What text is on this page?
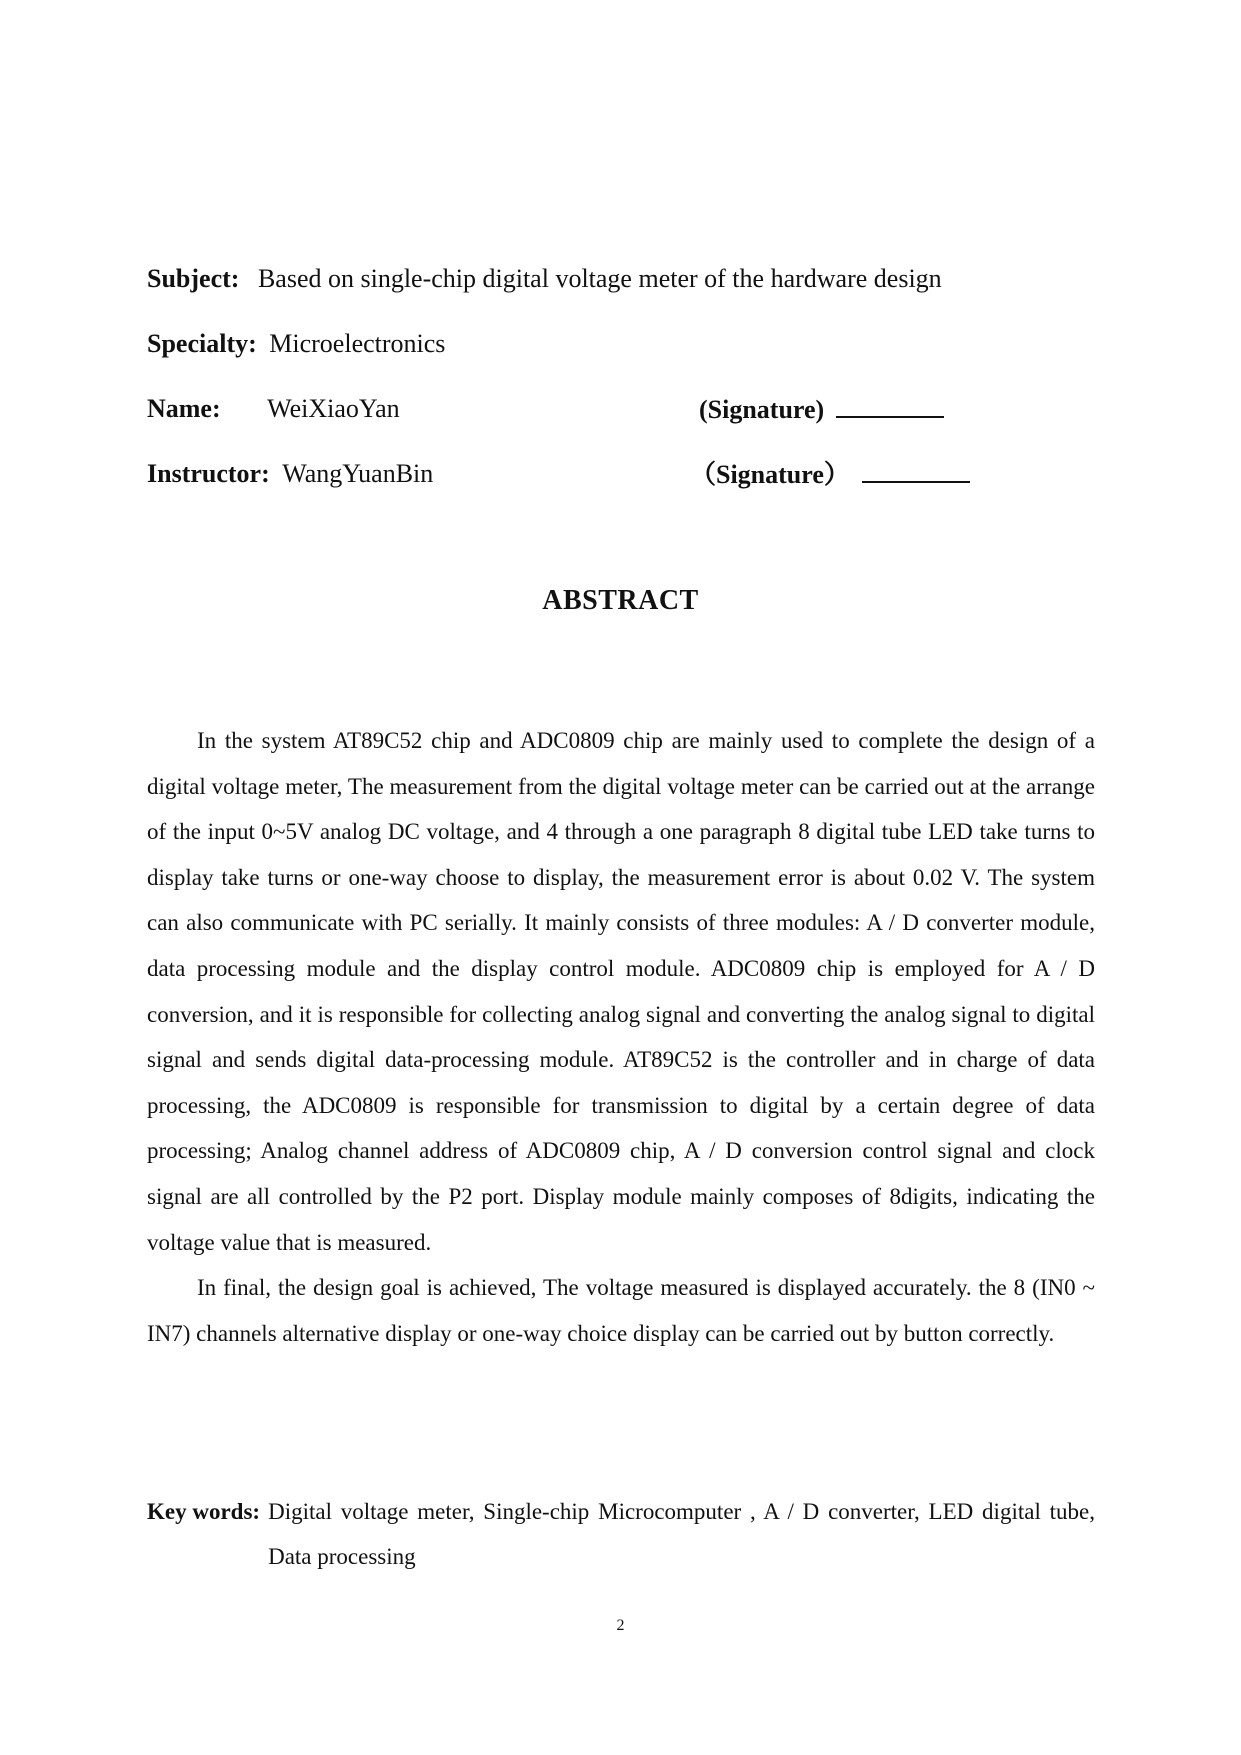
Subject: Based on single-chip digital voltage meter of the hardware design
Specialty: Microelectronics
Name: WeiXiaoYan	(Signature)
Instructor: WangYuanBin	（Signature）
ABSTRACT

In the system AT89C52 chip and ADC0809 chip are mainly used to complete the design of a digital voltage meter, The measurement from the digital voltage meter can be carried out at the arrange of the input 0~5V analog DC voltage, and 4 through a one paragraph 8 digital tube LED take turns to display take turns or one-way choose to display, the measurement error is about 0.02 V. The system can also communicate with PC serially. It mainly consists of three modules: A / D converter module, data processing module and the display control module. ADC0809 chip is employed for A / D conversion, and it is responsible for collecting analog signal and converting the analog signal to digital signal and sends digital data-processing module. AT89C52 is the controller and in charge of data processing, the ADC0809 is responsible for transmission to digital by a certain degree of data processing; Analog channel address of ADC0809 chip, A / D conversion control signal and clock signal are all controlled by the P2 port. Display module mainly composes of 8digits, indicating the voltage value that is measured.

In final, the design goal is achieved, The voltage measured is displayed accurately. the 8 (IN0 ~ IN7) channels alternative display or one-way choice display can be carried out by button correctly.

Key words: Digital voltage meter, Single-chip Microcomputer , A / D converter, LED digital tube, Data processing
2
